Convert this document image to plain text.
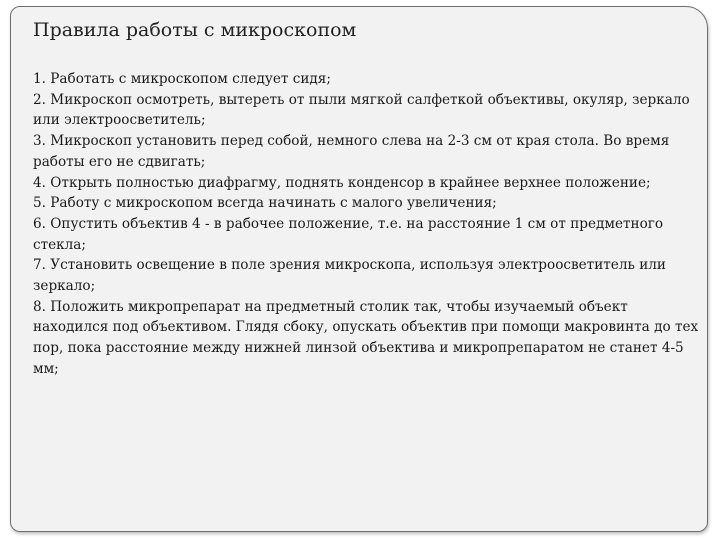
Правила работы с микроскопом
1. Работать с микроскопом следует сидя;
2. Микроскоп осмотреть, вытереть от пыли мягкой салфеткой объективы, окуляр, зеркало или электроосветитель;
3. Микроскоп установить перед собой, немного слева на 2-3 см от края стола. Во время работы его не сдвигать;
4. Открыть полностью диафрагму, поднять конденсор в крайнее верхнее положение;
5. Работу с микроскопом всегда начинать с малого увеличения;
6. Опустить объектив 4 - в рабочее положение, т.е. на расстояние 1 см от предметного стекла;
7. Установить освещение в поле зрения микроскопа, используя электроосветитель или зеркало;
8. Положить микропрепарат на предметный столик так, чтобы изучаемый объект находился под объективом. Глядя сбоку, опускать объектив при помощи макровинта до тех пор, пока расстояние между нижней линзой объектива и микропрепаратом не станет 4-5 мм;
